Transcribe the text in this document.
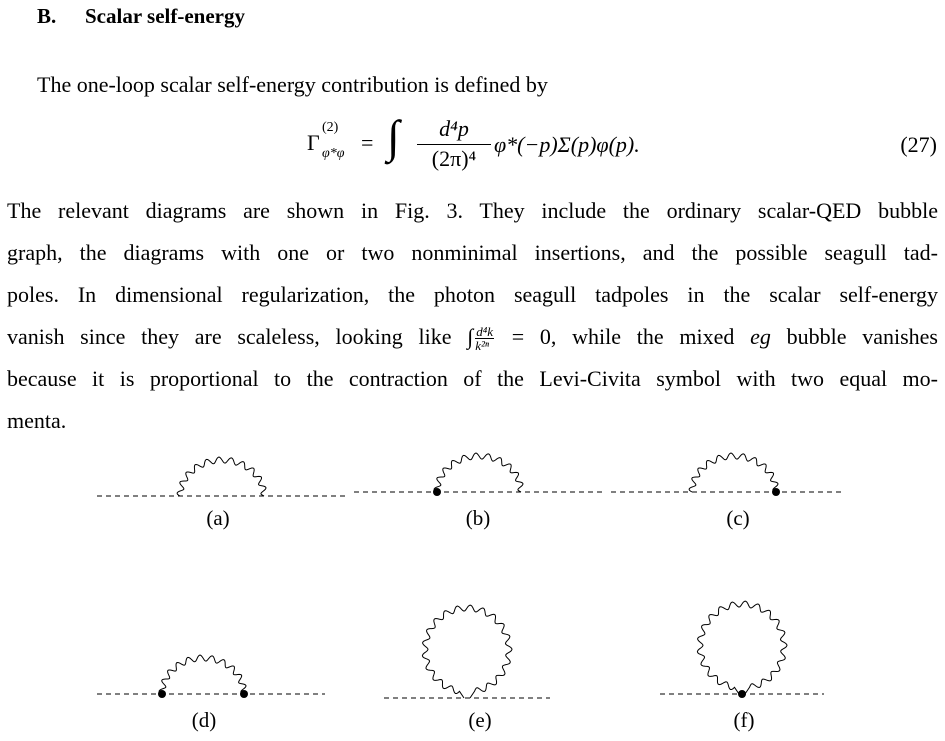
B. Scalar self-energy
The one-loop scalar self-energy contribution is defined by
Γ
(2)
φ*φ = ∫	d⁴p
(2π)⁴
φ*(−p)Σ(p)φ(p).	(27)
The relevant diagrams are shown in Fig. 3. They include the ordinary scalar-QED bubble
graph, the diagrams with one or two nonminimal insertions, and the possible seagull tad-
poles. In dimensional regularization, the photon seagull tadpoles in the scalar self-energy
vanish since they are scaleless, looking like ∫ $\frac{\text{d⁴k}}{\text{k²ⁿ}} = 0$, while the mixed eg bubble vanishes
because it is proportional to the contraction of the Levi-Civita symbol with two equal mo-
menta.
(a)	(b)	(c)
(d)	(e)	(f)
